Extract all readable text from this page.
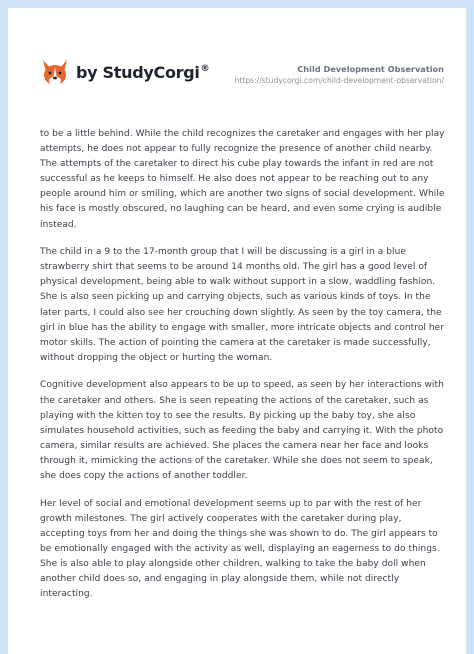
by StudyCorgi®	Child Development Observation
https://studycorgi.com/child-development-observation/

to be a little behind. While the child recognizes the caretaker and engages with her play attempts, he does not appear to fully recognize the presence of another child nearby. The attempts of the caretaker to direct his cube play towards the infant in red are not successful as he keeps to himself. He also does not appear to be reaching out to any people around him or smiling, which are another two signs of social development. While his face is mostly obscured, no laughing can be heard, and even some crying is audible instead.

The child in a 9 to the 17-month group that I will be discussing is a girl in a blue strawberry shirt that seems to be around 14 months old. The girl has a good level of physical development, being able to walk without support in a slow, waddling fashion. She is also seen picking up and carrying objects, such as various kinds of toys. In the later parts, I could also see her crouching down slightly. As seen by the toy camera, the girl in blue has the ability to engage with smaller, more intricate objects and control her motor skills. The action of pointing the camera at the caretaker is made successfully, without dropping the object or hurting the woman.

Cognitive development also appears to be up to speed, as seen by her interactions with the caretaker and others. She is seen repeating the actions of the caretaker, such as playing with the kitten toy to see the results. By picking up the baby toy, she also simulates household activities, such as feeding the baby and carrying it. With the photo camera, similar results are achieved. She places the camera near her face and looks through it, mimicking the actions of the caretaker. While she does not seem to speak, she does copy the actions of another toddler.

Her level of social and emotional development seems up to par with the rest of her growth milestones. The girl actively cooperates with the caretaker during play, accepting toys from her and doing the things she was shown to do. The girl appears to be emotionally engaged with the activity as well, displaying an eagerness to do things. She is also able to play alongside other children, walking to take the baby doll when another child does so, and engaging in play alongside them, while not directly interacting.
